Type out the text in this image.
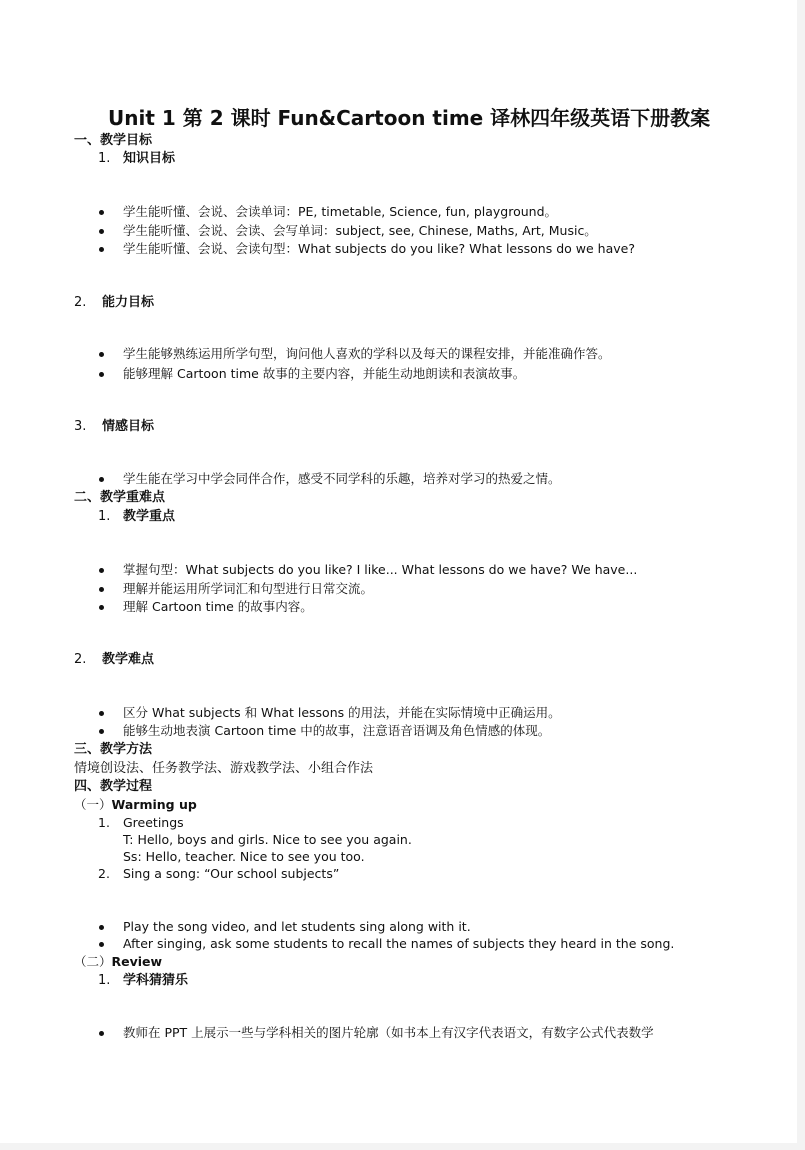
Unit 1 第 2 课时 Fun&Cartoon time 译林四年级英语下册教案
一、教学目标
1. 知识目标
学生能听懂、会说、会读单词：PE, timetable, Science, fun, playground。
学生能听懂、会说、会读、会写单词：subject, see, Chinese, Maths, Art, Music。
学生能听懂、会说、会读句型：What subjects do you like? What lessons do we have?
2. 能力目标
学生能够熟练运用所学句型，询问他人喜欢的学科以及每天的课程安排，并能准确作答。
能够理解 Cartoon time 故事的主要内容，并能生动地朗读和表演故事。
3. 情感目标
学生能在学习中学会同伴合作，感受不同学科的乐趣，培养对学习的热爱之情。
二、教学重难点
1. 教学重点
掌握句型：What subjects do you like? I like... What lessons do we have? We have...
理解并能运用所学词汇和句型进行日常交流。
理解 Cartoon time 的故事内容。
2. 教学难点
区分 What subjects 和 What lessons 的用法，并能在实际情境中正确运用。
能够生动地表演 Cartoon time 中的故事，注意语音语调及角色情感的体现。
三、教学方法
情境创设法、任务教学法、游戏教学法、小组合作法
四、教学过程
（一）Warming up
1. Greetings
T: Hello, boys and girls. Nice to see you again.
Ss: Hello, teacher. Nice to see you too.
2. Sing a song: “Our school subjects”
Play the song video, and let students sing along with it.
After singing, ask some students to recall the names of subjects they heard in the song.
（二）Review
1. 学科猜猜乐
教师在 PPT 上展示一些与学科相关的图片轮廓（如书本上有汉字代表语文，有数字公式代表数学
